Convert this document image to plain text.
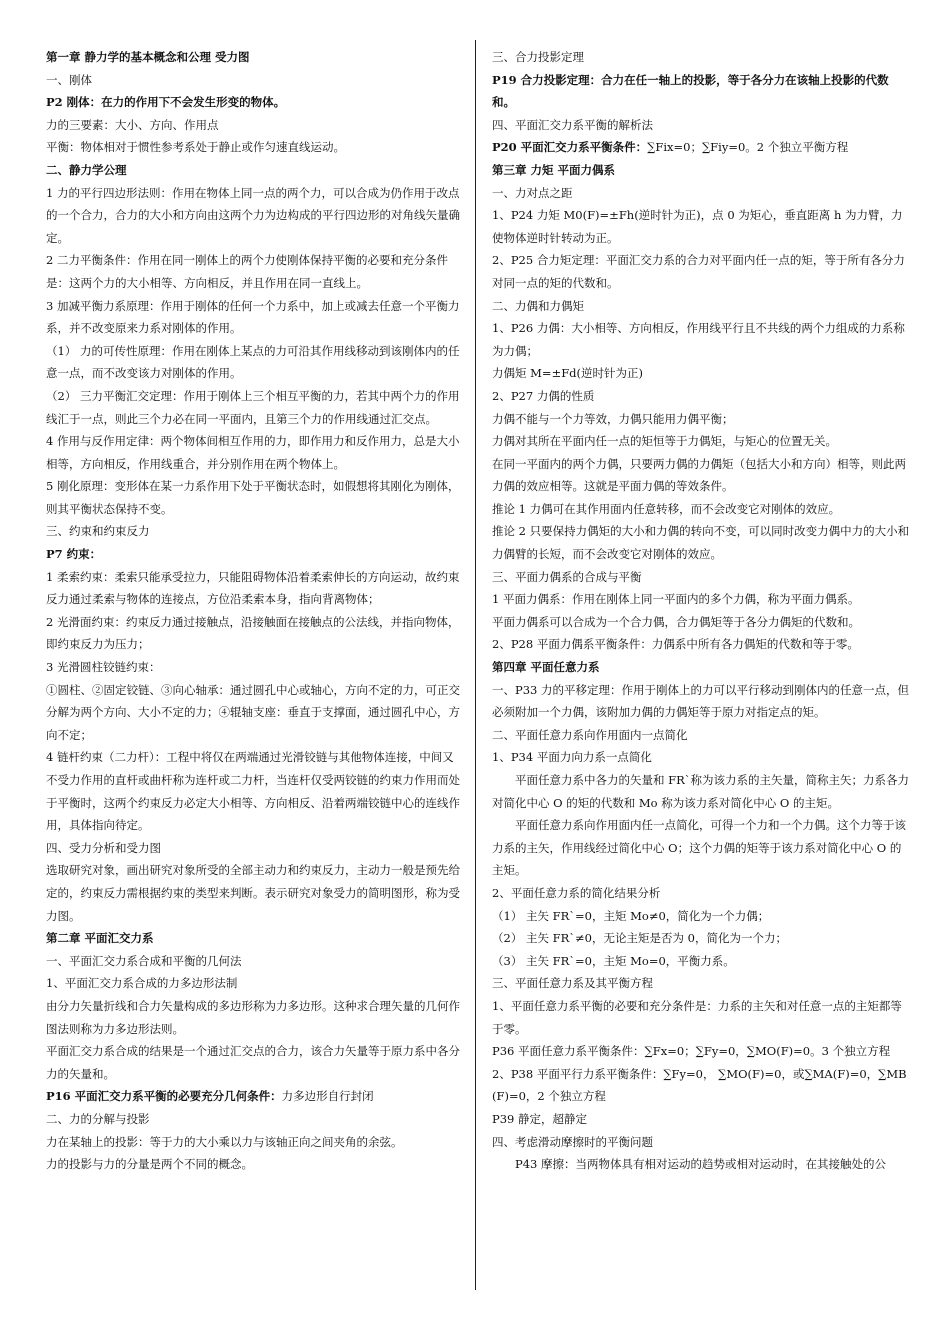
第一章 静力学的基本概念和公理 受力图

一、刚体

P2 刚体：在力的作用下不会发生形变的物体。

力的三要素：大小、方向、作用点

平衡：物体相对于惯性参考系处于静止或作匀速直线运动。

二、静力学公理

1 力的平行四边形法则：作用在物体上同一点的两个力，可以合成为仍作用于改点的一个合力，合力的大小和方向由这两个力为边构成的平行四边形的对角线矢量确定。

2 二力平衡条件：作用在同一刚体上的两个力使刚体保持平衡的必要和充分条件是：这两个力的大小相等、方向相反，并且作用在同一直线上。

3 加减平衡力系原理：作用于刚体的任何一个力系中，加上或减去任意一个平衡力系，并不改变原来力系对刚体的作用。

（1） 力的可传性原理：作用在刚体上某点的力可沿其作用线移动到该刚体内的任意一点，而不改变该力对刚体的作用。

（2） 三力平衡汇交定理：作用于刚体上三个相互平衡的力，若其中两个力的作用线汇于一点，则此三个力必在同一平面内，且第三个力的作用线通过汇交点。

4 作用与反作用定律：两个物体间相互作用的力，即作用力和反作用力，总是大小相等，方向相反，作用线重合，并分别作用在两个物体上。

5 刚化原理：变形体在某一力系作用下处于平衡状态时，如假想将其刚化为刚体，则其平衡状态保持不变。

三、约束和约束反力

P7 约束：

1 柔索约束：柔索只能承受拉力，只能阻碍物体沿着柔索伸长的方向运动，故约束反力通过柔索与物体的连接点，方位沿柔索本身，指向背离物体；

2 光滑面约束：约束反力通过接触点，沿接触面在接触点的公法线，并指向物体， 即约束反力为压力；

3 光滑圆柱铰链约束：

①圆柱、②固定铰链、③向心轴承：通过圆孔中心或轴心，方向不定的力，可正交分解为两个方向、大小不定的力；④辊轴支座：垂直于支撑面，通过圆孔中心，方向不定；

4 链杆约束（二力杆）：工程中将仅在两端通过光滑铰链与其他物体连接，中间又不受力作用的直杆或曲杆称为连杆或二力杆，当连杆仅受两铰链的约束力作用而处于平衡时，这两个约束反力必定大小相等、方向相反、沿着两端铰链中心的连线作用，具体指向待定。

四、受力分析和受力图

选取研究对象，画出研究对象所受的全部主动力和约束反力，主动力一般是预先给定的，约束反力需根据约束的类型来判断。表示研究对象受力的简明图形，称为受力图。

第二章 平面汇交力系

一、平面汇交力系合成和平衡的几何法

1、平面汇交力系合成的力多边形法制

由分力矢量折线和合力矢量构成的多边形称为力多边形。这种求合理矢量的几何作图法则称为力多边形法则。

平面汇交力系合成的结果是一个通过汇交点的合力，该合力矢量等于原力系中各分力的矢量和。

P16 平面汇交力系平衡的必要充分几何条件：力多边形自行封闭

二、力的分解与投影

力在某轴上的投影：等于力的大小乘以力与该轴正向之间夹角的余弦。

力的投影与力的分量是两个不同的概念。

三、合力投影定理

P19 合力投影定理：合力在任一轴上的投影，等于各分力在该轴上投影的代数和。

四、平面汇交力系平衡的解析法

P20 平面汇交力系平衡条件：∑Fix=0；∑Fiy=0。2 个独立平衡方程

第三章 力矩 平面力偶系

一、力对点之距

1、P24 力矩 M0(F)=±Fh(逆时针为正)，点 0 为矩心，垂直距离 h 为力臂，力使物体逆时针转动为正。

2、P25 合力矩定理：平面汇交力系的合力对平面内任一点的矩，等于所有各分力对同一点的矩的代数和。

二、力偶和力偶矩

1、P26 力偶：大小相等、方向相反，作用线平行且不共线的两个力组成的力系称为力偶；

力偶矩 M=±Fd(逆时针为正)

2、P27 力偶的性质

力偶不能与一个力等效，力偶只能用力偶平衡；

力偶对其所在平面内任一点的矩恒等于力偶矩，与矩心的位置无关。

在同一平面内的两个力偶，只要两力偶的力偶矩（包括大小和方向）相等，则此两力偶的效应相等。这就是平面力偶的等效条件。

推论 1 力偶可在其作用面内任意转移，而不会改变它对刚体的效应。

推论 2 只要保持力偶矩的大小和力偶的转向不变，可以同时改变力偶中力的大小和力偶臂的长短，而不会改变它对刚体的效应。

三、平面力偶系的合成与平衡

1 平面力偶系：作用在刚体上同一平面内的多个力偶，称为平面力偶系。

平面力偶系可以合成为一个合力偶，合力偶矩等于各分力偶矩的代数和。

2、P28 平面力偶系平衡条件：力偶系中所有各力偶矩的代数和等于零。

第四章 平面任意力系

一、P33 力的平移定理：作用于刚体上的力可以平行移动到刚体内的任意一点，但必须附加一个力偶，该附加力偶的力偶矩等于原力对指定点的矩。

二、平面任意力系向作用面内一点简化

1、P34 平面力向力系一点简化

平面任意力系中各力的矢量和 FR`称为该力系的主矢量，简称主矢；力系各力对简化中心 O 的矩的代数和 Mo 称为该力系对简化中心 O 的主矩。

平面任意力系向作用面内任一点简化，可得一个力和一个力偶。这个力等于该力系的主矢，作用线经过简化中心 O；这个力偶的矩等于该力系对简化中心 O 的主矩。

2、平面任意力系的简化结果分析

（1） 主矢 FR`=0，主矩 Mo≠0，简化为一个力偶；

（2） 主矢 FR`≠0，无论主矩是否为 0，简化为一个力；

（3） 主矢 FR`=0，主矩 Mo=0，平衡力系。

三、平面任意力系及其平衡方程

1、平面任意力系平衡的必要和充分条件是：力系的主矢和对任意一点的主矩都等于零。

P36 平面任意力系平衡条件：∑Fx=0；∑Fy=0，∑MO(F)=0。3 个独立方程

2、P38 平面平行力系平衡条件：∑Fy=0， ∑MO(F)=0，或∑MA(F)=0，∑MB(F)=0，2 个独立方程

P39 静定，超静定

四、考虑滑动摩擦时的平衡问题

P43 摩擦：当两物体具有相对运动的趋势或相对运动时，在其接触处的公
